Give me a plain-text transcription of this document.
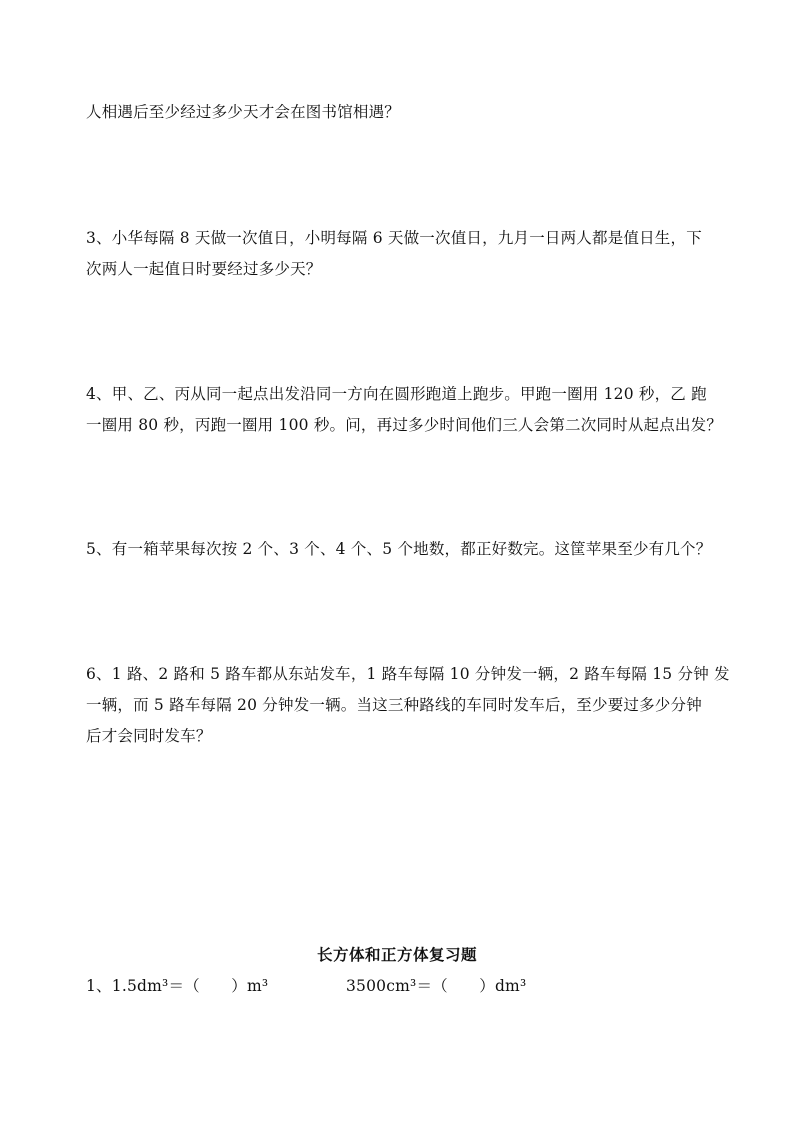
人相遇后至少经过多少天才会在图书馆相遇？
3、小华每隔 8 天做一次值日，小明每隔 6 天做一次值日，九月一日两人都是值日生，下
次两人一起值日时要经过多少天？
4、甲、乙、丙从同一起点出发沿同一方向在圆形跑道上跑步。甲跑一圈用 120 秒，乙 跑
一圈用 80 秒，丙跑一圈用 100 秒。问，再过多少时间他们三人会第二次同时从起点出发？
5、有一箱苹果每次按 2 个、3 个、4 个、5 个地数，都正好数完。这筐苹果至少有几个？
6、1 路、2 路和 5 路车都从东站发车，1 路车每隔 10 分钟发一辆，2 路车每隔 15 分钟 发
一辆，而 5 路车每隔 20 分钟发一辆。当这三种路线的车同时发车后，至少要过多少分钟
后才会同时发车？
长方体和正方体复习题
1、1.5dm³＝（　　）m³	3500cm³＝（　　）dm³
